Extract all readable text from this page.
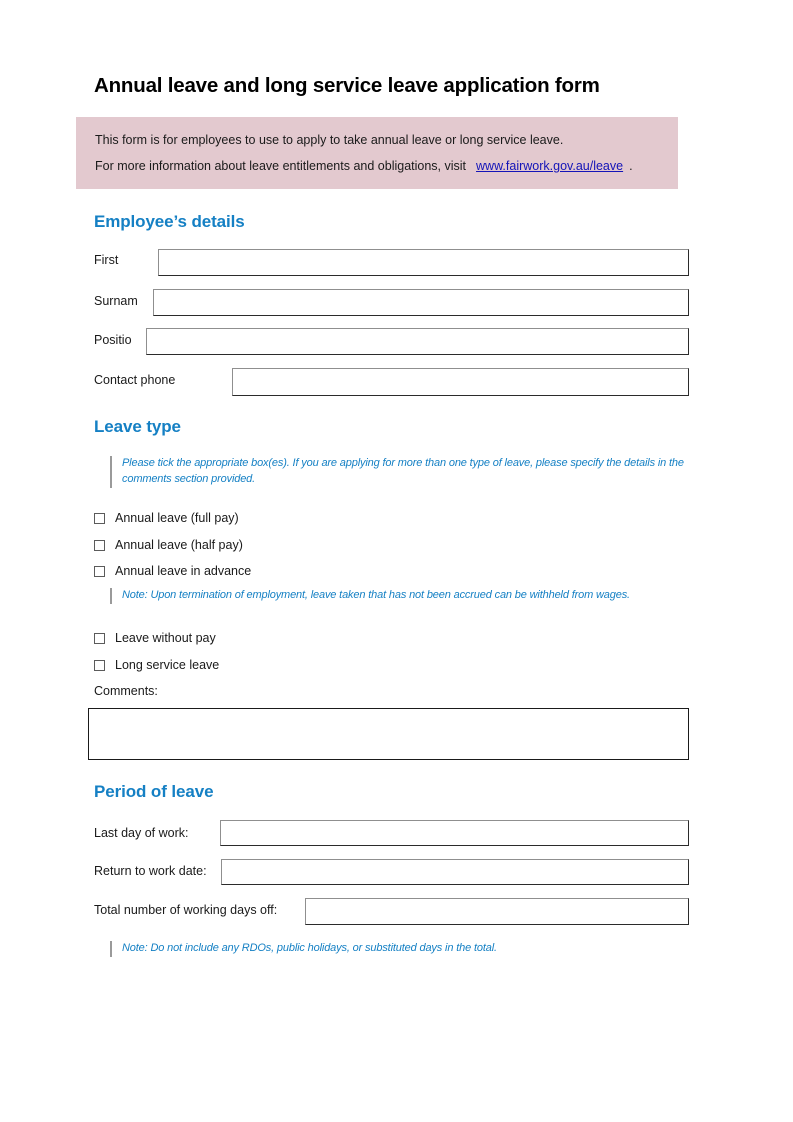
Annual leave and long service leave application form
This form is for employees to use to apply to take annual leave or long service leave.
For more information about leave entitlements and obligations, visit www.fairwork.gov.au/leave .
Employee’s details
First
Surnam
Positio
Contact phone
Leave type
Please tick the appropriate box(es). If you are applying for more than one type of leave, please specify the details in the comments section provided.
Annual leave (full pay)
Annual leave (half pay)
Annual leave in advance
Note: Upon termination of employment, leave taken that has not been accrued can be withheld from wages.
Leave without pay
Long service leave
Comments:
Period of leave
Last day of work:
Return to work date:
Total number of working days off:
Note: Do not include any RDOs, public holidays, or substituted days in the total.
